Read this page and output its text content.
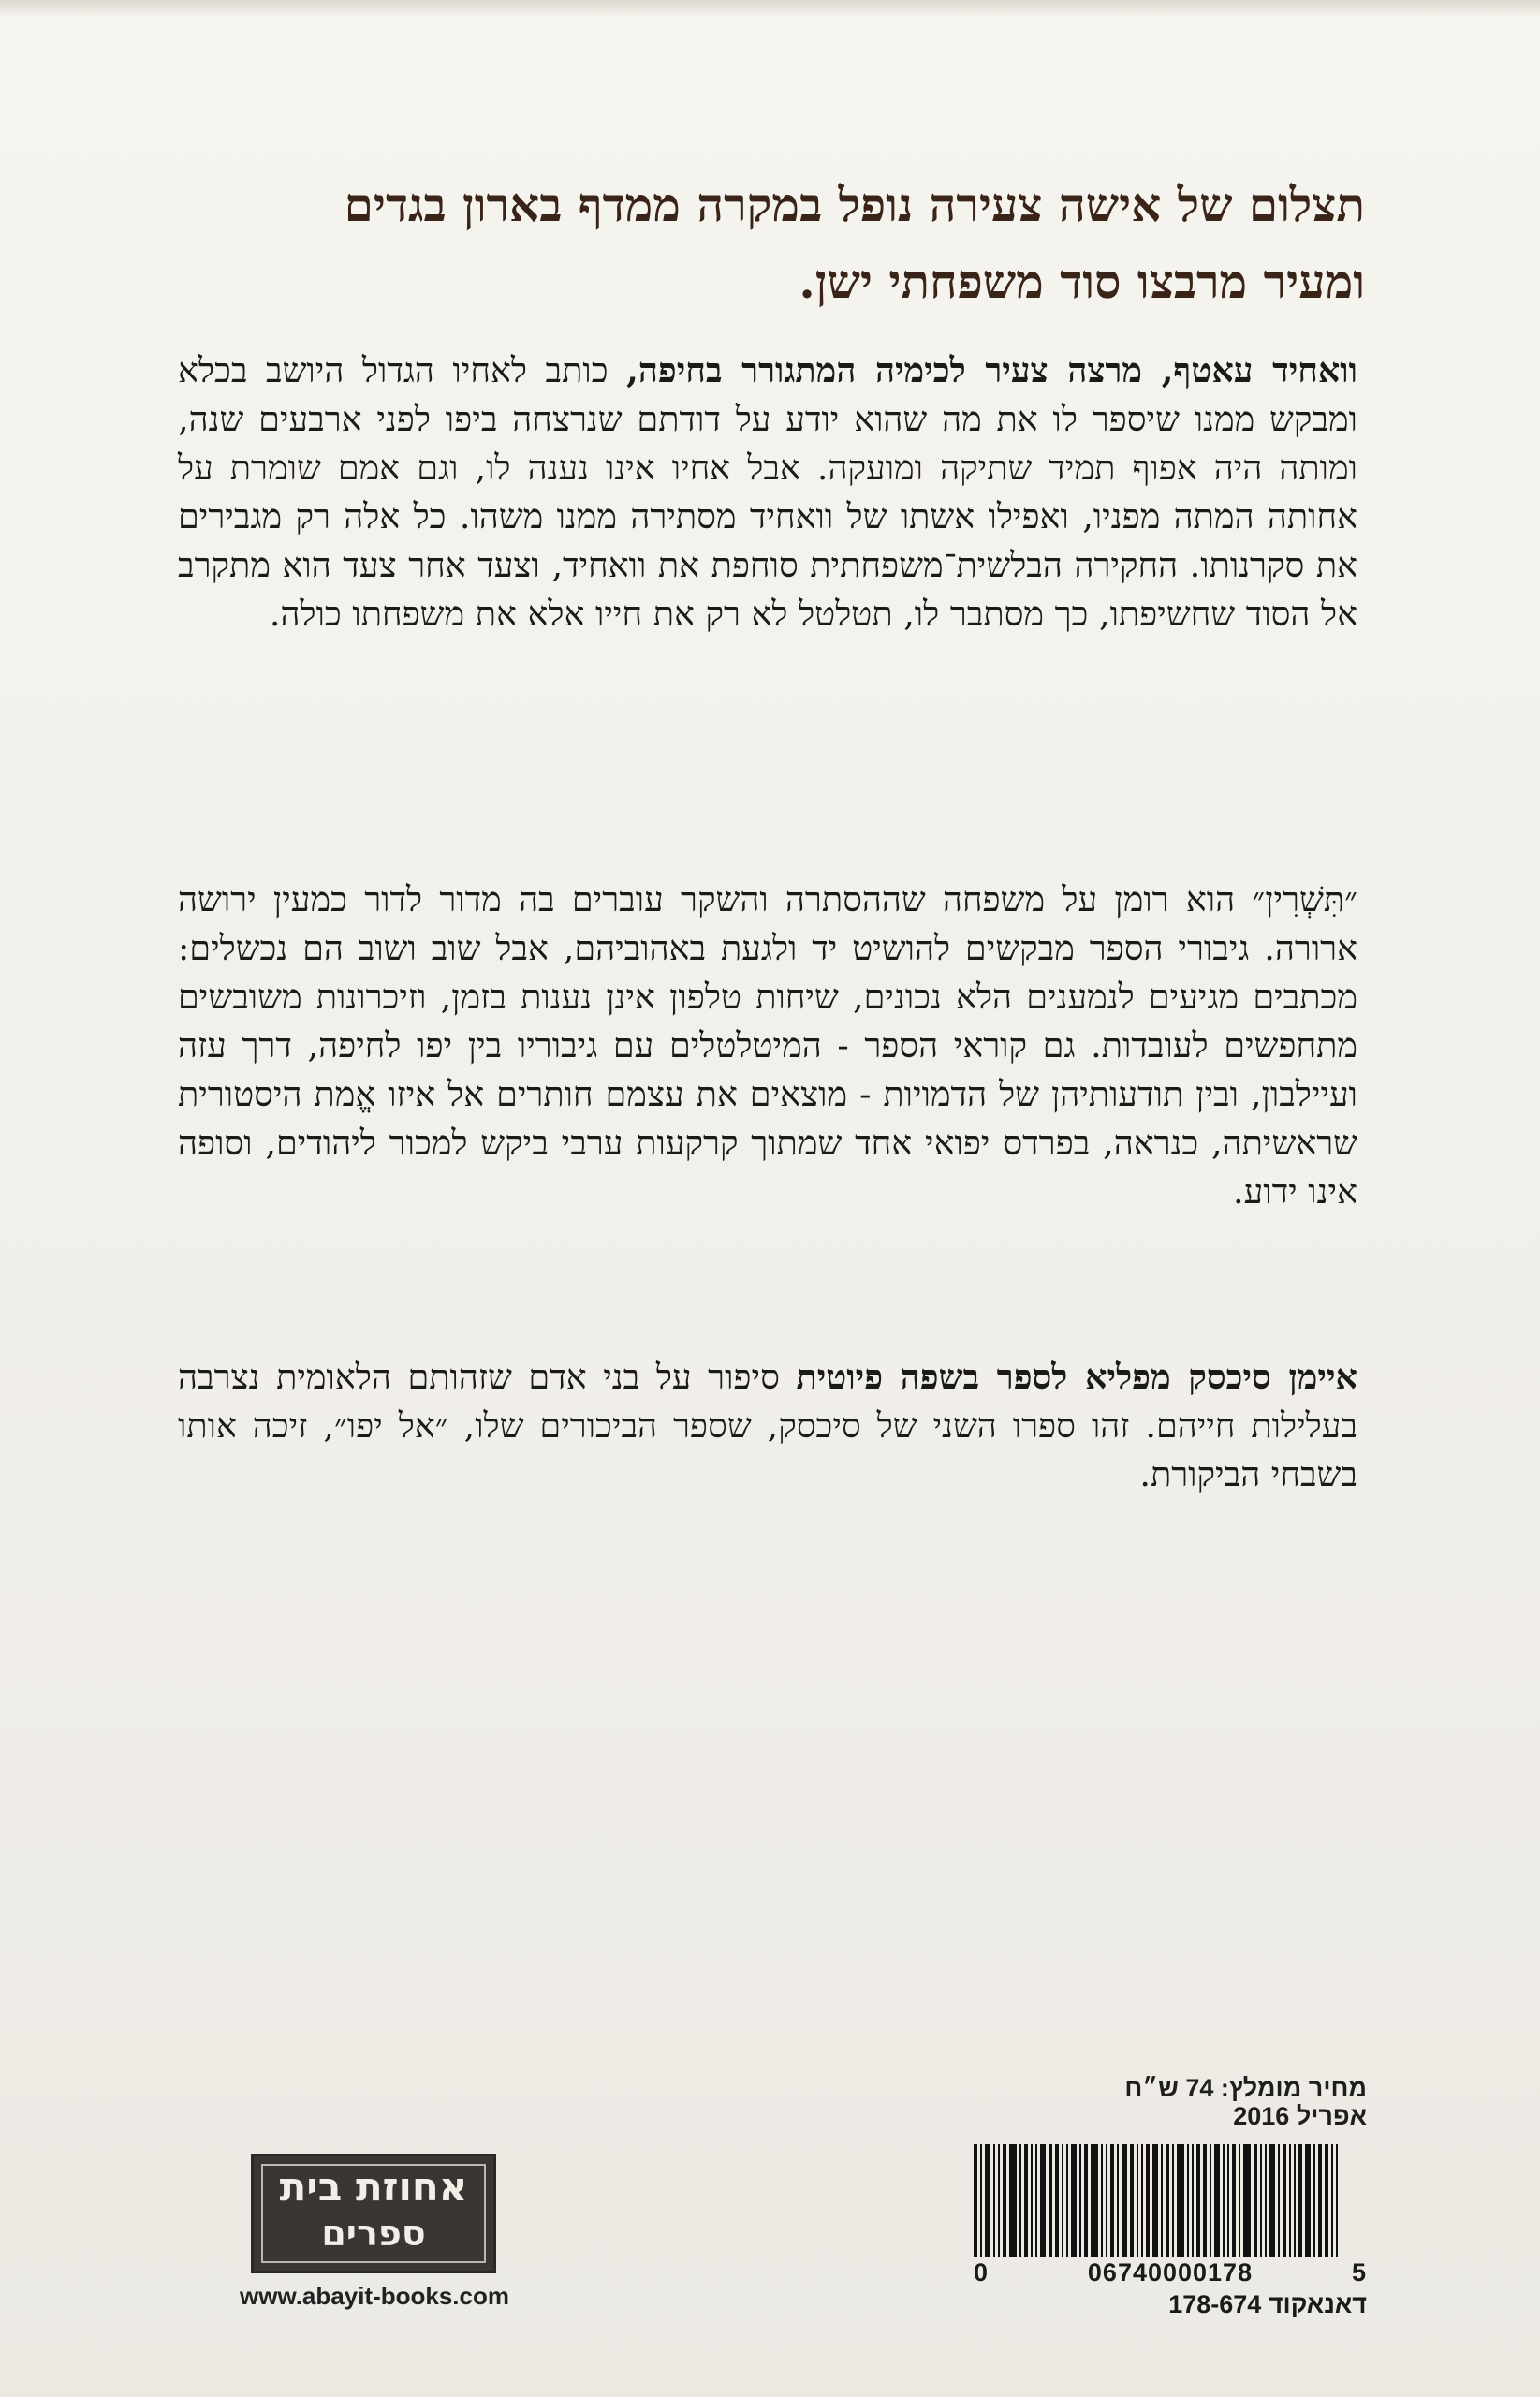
תצלום של אישה צעירה נופל במקרה ממדף בארון בגדים
ומעיר מרבצו סוד משפחתי ישן.

וואחיד עאטף, מרצה צעיר לכימיה המתגורר בחיפה, כותב לאחיו הגדול היושב בכלא ומבקש ממנו שיספר לו את מה שהוא יודע על דודתם שנרצחה ביפו לפני ארבעים שנה, ומותה היה אפוף תמיד שתיקה ומועקה. אבל אחיו אינו נענה לו, וגם אמם שומרת על אחותה המתה מפניו, ואפילו אשתו של וואחיד מסתירה ממנו משהו. כל אלה רק מגבירים את סקרנותו. החקירה הבלשית־משפחתית סוחפת את וואחיד, וצעד אחר צעד הוא מתקרב אל הסוד שחשיפתו, כך מסתבר לו, תטלטל לא רק את חייו אלא את משפחתו כולה.

״תִּשְׁרִין״ הוא רומן על משפחה שההסתרה והשקר עוברים בה מדור לדור כמעין ירושה ארורה. גיבורי הספר מבקשים להושיט יד ולגעת באהוביהם, אבל שוב ושוב הם נכשלים: מכתבים מגיעים לנמענים הלא נכונים, שיחות טלפון אינן נענות בזמן, וזיכרונות משובשים מתחפשים לעובדות. גם קוראי הספר - המיטלטלים עם גיבוריו בין יפו לחיפה, דרך עזה ועיילבון, ובין תודעותיהן של הדמויות - מוצאים את עצמם חותרים אל איזו אֱמת היסטורית שראשיתה, כנראה, בפרדס יפואי אחד שמתוך קרקעות ערבי ביקש למכור ליהודים, וסופה אינו ידוע.

איימן סיכסק מפליא לספר בשפה פיוטית סיפור על בני אדם שזהותם הלאומית נצרבה בעלילות חייהם. זהו ספרו השני של סיכסק, שספר הביכורים שלו, ״אל יפו״, זיכה אותו בשבחי הביקורת.

מחיר מומלץ: 74 ש״ח
אפריל 2016
0	06740000178	5
דאנאקוד 178-674
אחוזת בית
ספרים
www.abayit-books.com
